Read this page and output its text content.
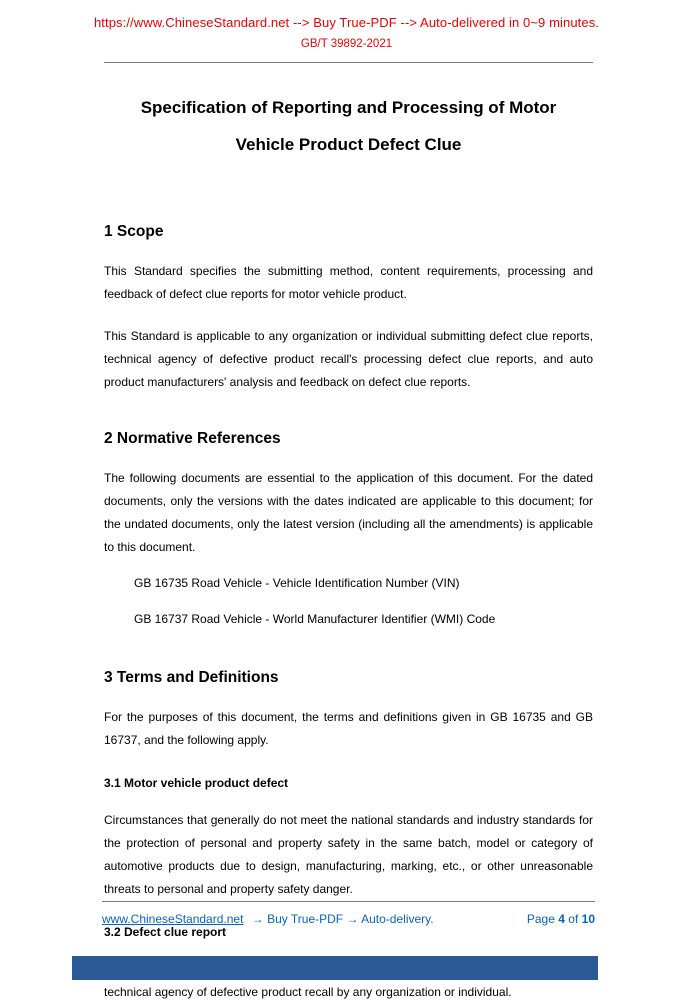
https://www.ChineseStandard.net --> Buy True-PDF --> Auto-delivered in 0~9 minutes.
GB/T 39892-2021
Specification of Reporting and Processing of Motor
Vehicle Product Defect Clue
1 Scope

This Standard specifies the submitting method, content requirements, processing and feedback of defect clue reports for motor vehicle product.

This Standard is applicable to any organization or individual submitting defect clue reports, technical agency of defective product recall's processing defect clue reports, and auto product manufacturers' analysis and feedback on defect clue reports.

2 Normative References

The following documents are essential to the application of this document. For the dated documents, only the versions with the dates indicated are applicable to this document; for the undated documents, only the latest version (including all the amendments) is applicable to this document.

GB 16735 Road Vehicle - Vehicle Identification Number (VIN)

GB 16737 Road Vehicle - World Manufacturer Identifier (WMI) Code

3 Terms and Definitions

For the purposes of this document, the terms and definitions given in GB 16735 and GB 16737, and the following apply.

3.1 Motor vehicle product defect

Circumstances that generally do not meet the national standards and industry standards for the protection of personal and property safety in the same batch, model or category of automotive products due to design, manufacturing, marking, etc., or other unreasonable threats to personal and property safety danger.

3.2 Defect clue report

technical agency of defective product recall by any organization or individual.

www.ChineseStandard.net → Buy True-PDF → Auto-delivery.	Page 4 of 10
